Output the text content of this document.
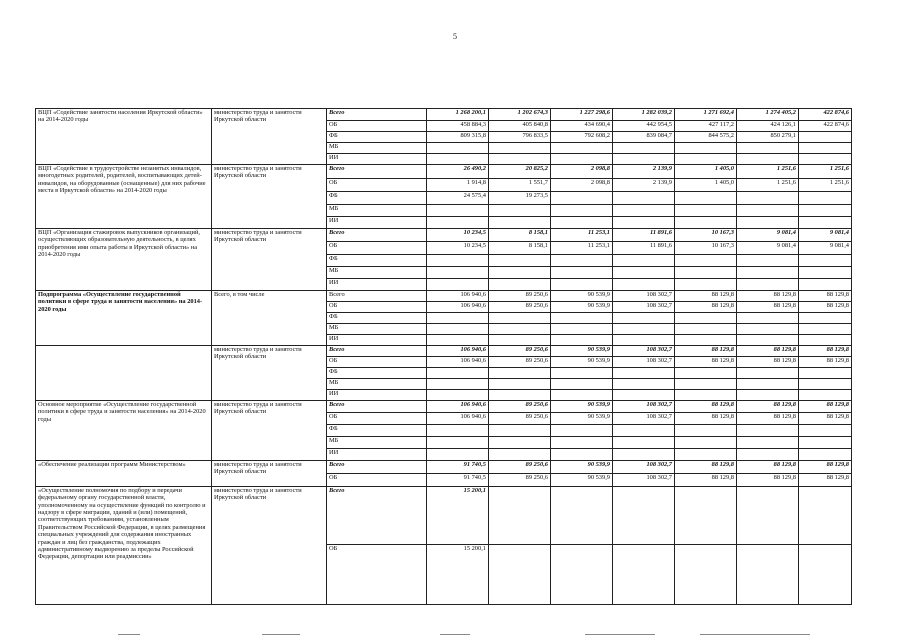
5
ВЦП «Содействие занятости населения Иркутской области» на 2014-2020 годы	министерство труда и занятости Иркутской области	Всего	1 268 200,1	1 202 674,3	1 227 298,6	1 282 039,2	1 271 692,4	1 274 405,2	422 874,6
		ОБ	458 884,3	405 840,8	434 690,4	442 954,5	427 117,2	424 126,1	422 874,6
		ФБ	809 315,8	796 833,5	792 608,2	839 084,7	844 575,2	850 279,1	
		МБ							
		ИИ							
ВЦП «Содействие в трудоустройстве незанятых инвалидов, многодетных родителей, родителей, воспитывающих детей-инвалидов, на оборудованные (оснащенные) для них рабочие места в Иркутской области» на 2014-2020 годы	министерство труда и занятости Иркутской области	Всего	26 490,2	20 825,2	2 098,8	2 139,9	1 405,0	1 251,6	1 251,6
		ОБ	1 914,8	1 551,7	2 098,8	2 139,9	1 405,0	1 251,6	1 251,6
		ФБ	24 575,4	19 273,5					
		МБ							
		ИИ							
ВЦП «Организация стажировок выпускников организаций, осуществляющих образовательную деятельность, в целях приобретения ими опыта работы в Иркутской области» на 2014-2020 годы	министерство труда и занятости Иркутской области	Всего	10 234,5	8 158,1	11 253,1	11 891,6	10 167,3	9 081,4	9 081,4
		ОБ	10 234,5	8 158,1	11 253,1	11 891,6	10 167,3	9 081,4	9 081,4
		ФБ							
		МБ							
		ИИ							
Подпрограмма «Осуществление государственной политики в сфере труда и занятости населения» на 2014-2020 годы	Всего, в том числе	Всего	106 940,6	89 250,6	90 539,9	108 302,7	88 129,8	88 129,8	88 129,8
		ОБ	106 940,6	89 250,6	90 539,9	108 302,7	88 129,8	88 129,8	88 129,8
		ФБ							
		МБ							
		ИИ							
	министерство труда и занятости Иркутской области	Всего	106 940,6	89 250,6	90 539,9	108 302,7	88 129,8	88 129,8	88 129,8
		ОБ	106 940,6	89 250,6	90 539,9	108 302,7	88 129,8	88 129,8	88 129,8
		ФБ							
		МБ							
		ИИ							
Основное мероприятие «Осуществление государственной политики в сфере труда и занятости населения» на 2014-2020 годы	министерство труда и занятости Иркутской области	Всего	106 940,6	89 250,6	90 539,9	108 302,7	88 129,8	88 129,8	88 129,8
		ОБ	106 940,6	89 250,6	90 539,9	108 302,7	88 129,8	88 129,8	88 129,8
		ФБ							
		МБ							
		ИИ							
«Обеспечение реализации программ Министерством»	министерство труда и занятости Иркутской области	Всего	91 740,5	89 250,6	90 539,9	108 302,7	88 129,8	88 129,8	88 129,8
		ОБ	91 740,5	89 250,6	90 539,9	108 302,7	88 129,8	88 129,8	88 129,8
«Осуществление полномочия по подбору и передачи федеральному органу государственной власти, уполномоченному на осуществление функций по контролю и надзору в сфере миграции, зданий и (или) помещений, соответствующих требованиям, установленным Правительством Российской Федерации, в целях размещения специальных учреждений для содержания иностранных граждан и лиц без гражданства, подлежащих административному выдворению за пределы Российской Федерации, депортации или реадмиссии»	министерство труда и занятости Иркутской области	Всего	15 200,1						
		ОБ	15 200,1						
